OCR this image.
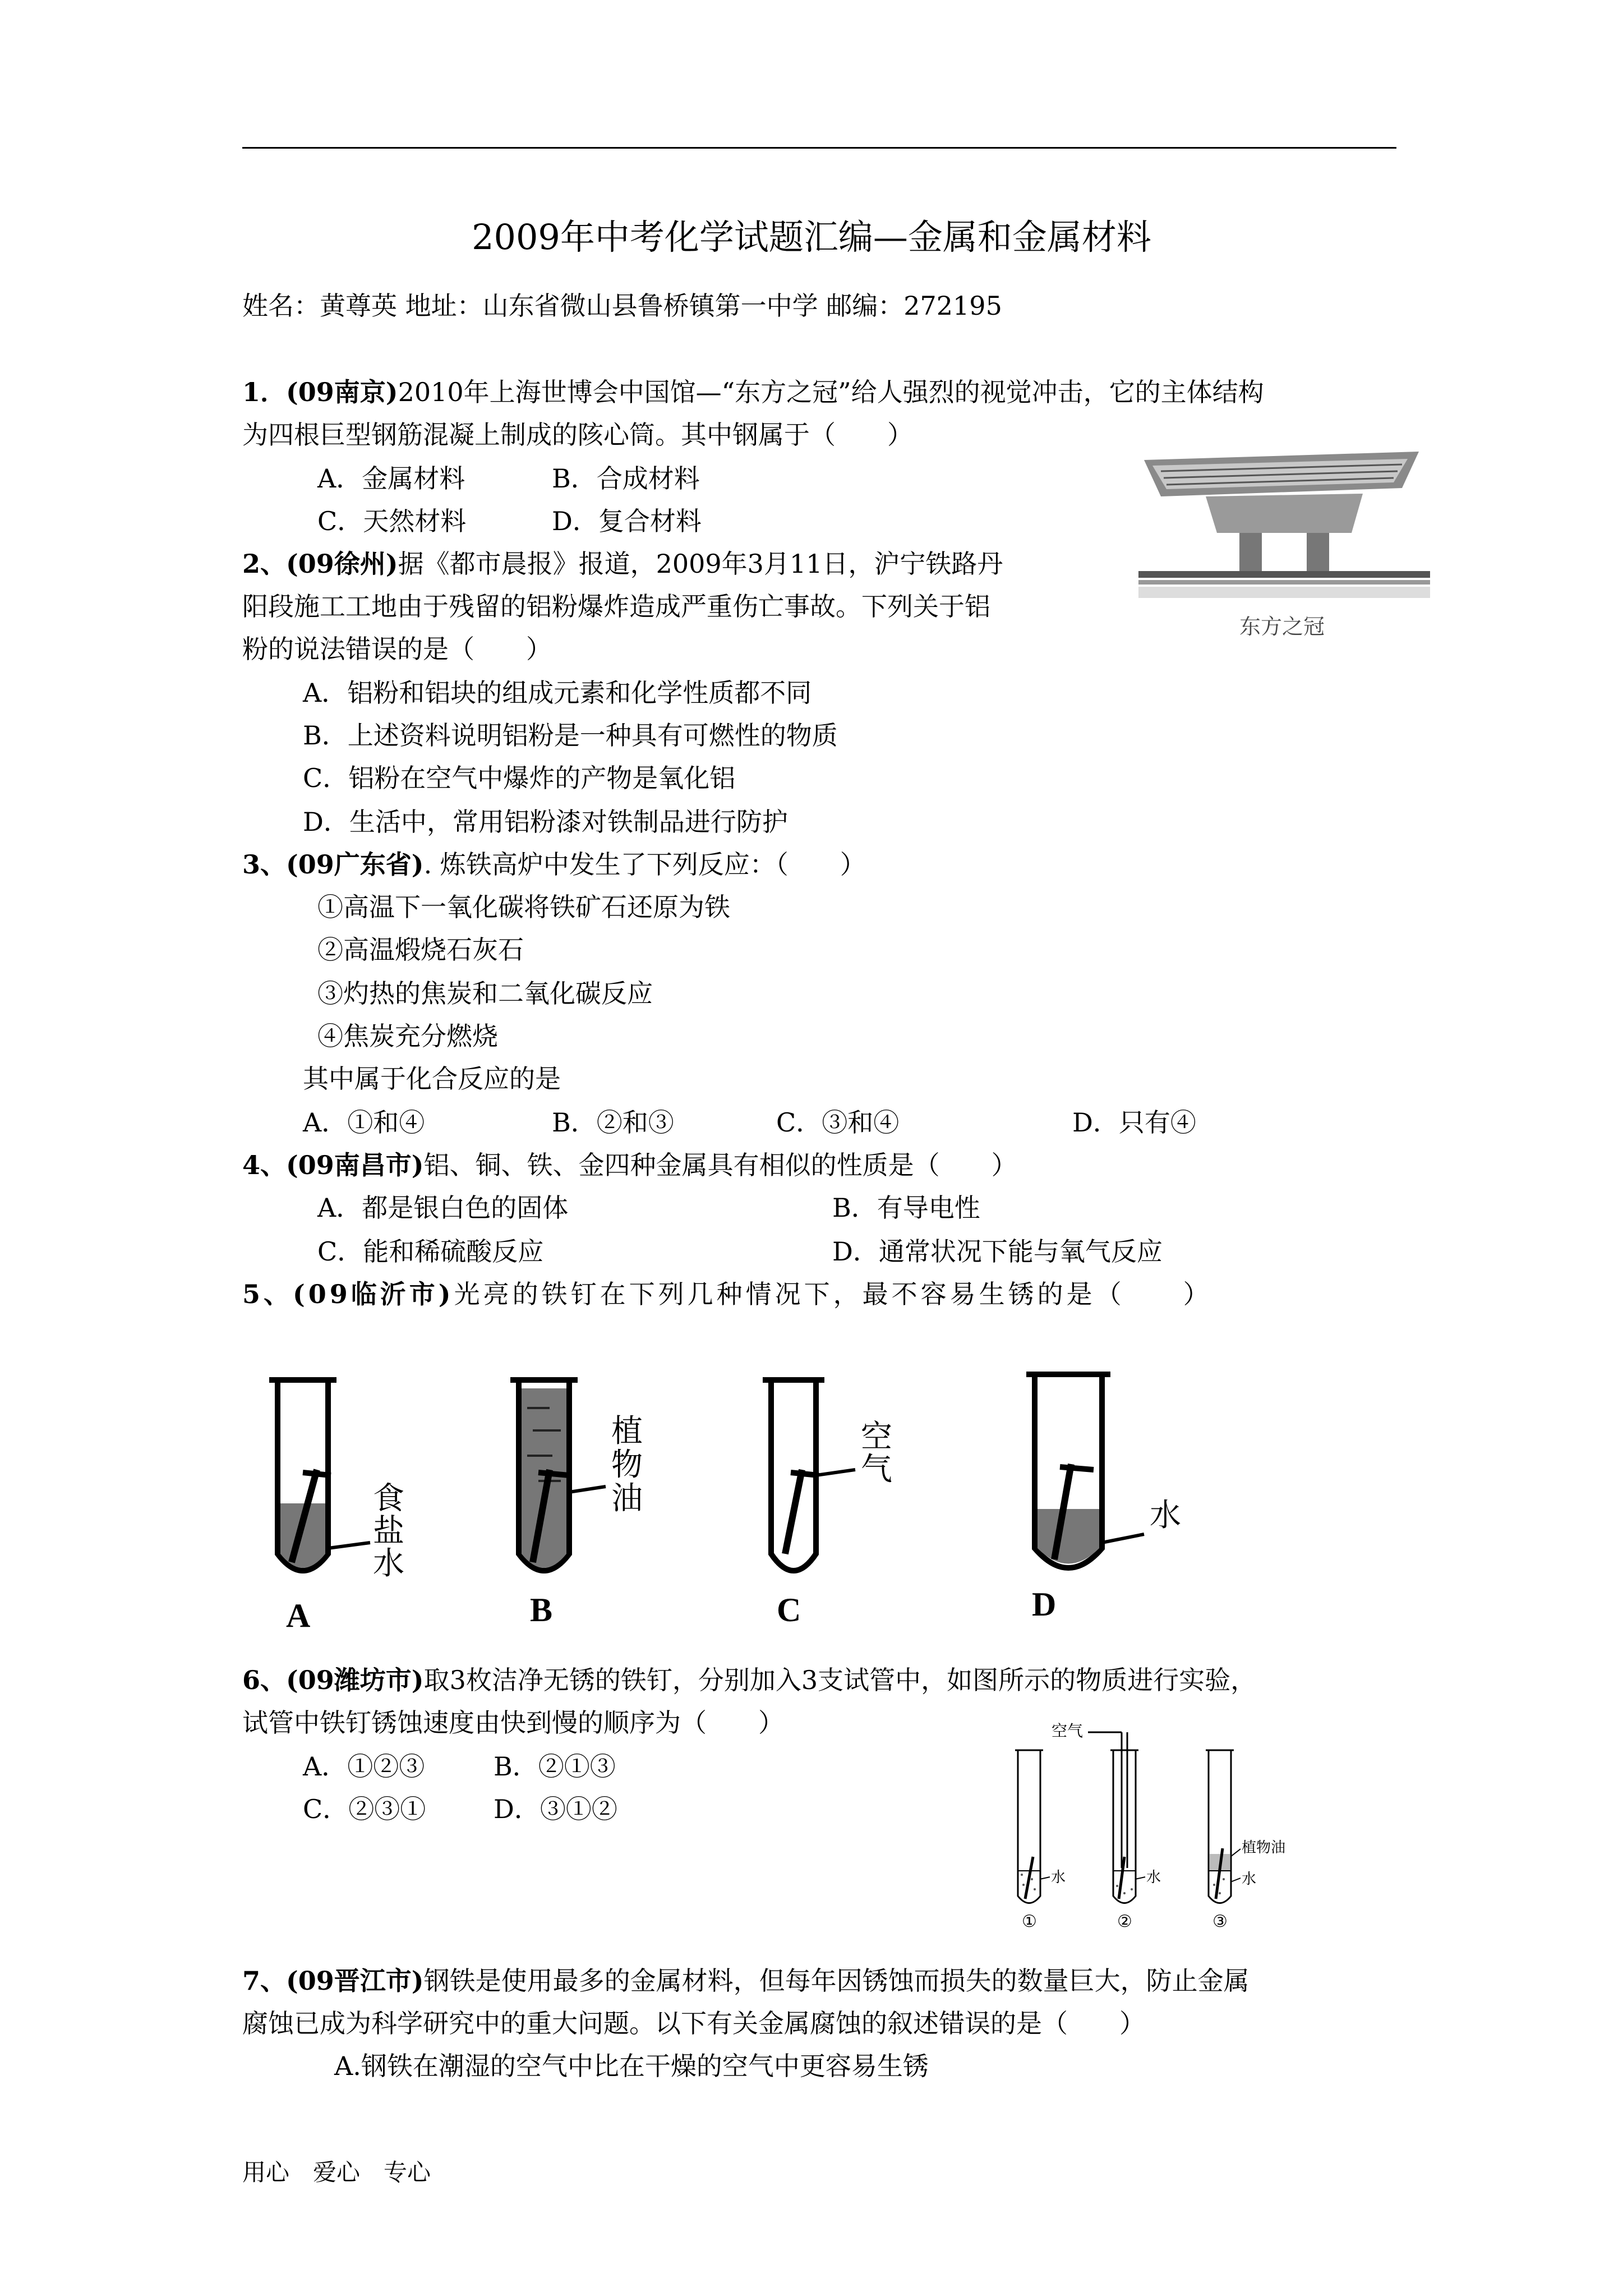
2009年中考化学试题汇编—金属和金属材料
姓名：黄尊英 地址：山东省微山县鲁桥镇第一中学 邮编：272195
1．(09南京)2010年上海世博会中国馆—“东方之冠”给人强烈的视觉冲击，它的主体结构
为四根巨型钢筋混凝上制成的陔心筒。其中钢属于（　　）
A．金属材料	B．合成材料
C．天然材料	D．复合材料
东方之冠
2、(09徐州)据《都市晨报》报道，2009年3月11日，沪宁铁路丹
阳段施工工地由于残留的铝粉爆炸造成严重伤亡事故。下列关于铝
粉的说法错误的是（　　）
A．铝粉和铝块的组成元素和化学性质都不同
B．上述资料说明铝粉是一种具有可燃性的物质
C．铝粉在空气中爆炸的产物是氧化铝
D．生活中，常用铝粉漆对铁制品进行防护
3、(09广东省). 炼铁高炉中发生了下列反应：（　　）
①高温下一氧化碳将铁矿石还原为铁
②高温煅烧石灰石
③灼热的焦炭和二氧化碳反应
④焦炭充分燃烧
其中属于化合反应的是
A．①和④	B．②和③	C．③和④	D．只有④
4、(09南昌市)铝、铜、铁、金四种金属具有相似的性质是（　　）
A．都是银白色的固体	B．有导电性
C．能和稀硫酸反应	D．通常状况下能与氧气反应
5、(09临沂市)光亮的铁钉在下列几种情况下，最不容易生锈的是（　　）
食
盐
水
A
植
物
油
B
空
气
C
水
D
6、(09潍坊市)取3枚洁净无锈的铁钉，分别加入3支试管中，如图所示的物质进行实验，
试管中铁钉锈蚀速度由快到慢的顺序为（　　）
A．①②③	B．②①③
C．②③①	D．③①②
空气
水
①
水
②
植物油
水
③
7、(09晋江市)钢铁是使用最多的金属材料，但每年因锈蚀而损失的数量巨大，防止金属
腐蚀已成为科学研究中的重大问题。以下有关金属腐蚀的叙述错误的是（　　）
A.钢铁在潮湿的空气中比在干燥的空气中更容易生锈
用心　爱心　专心
